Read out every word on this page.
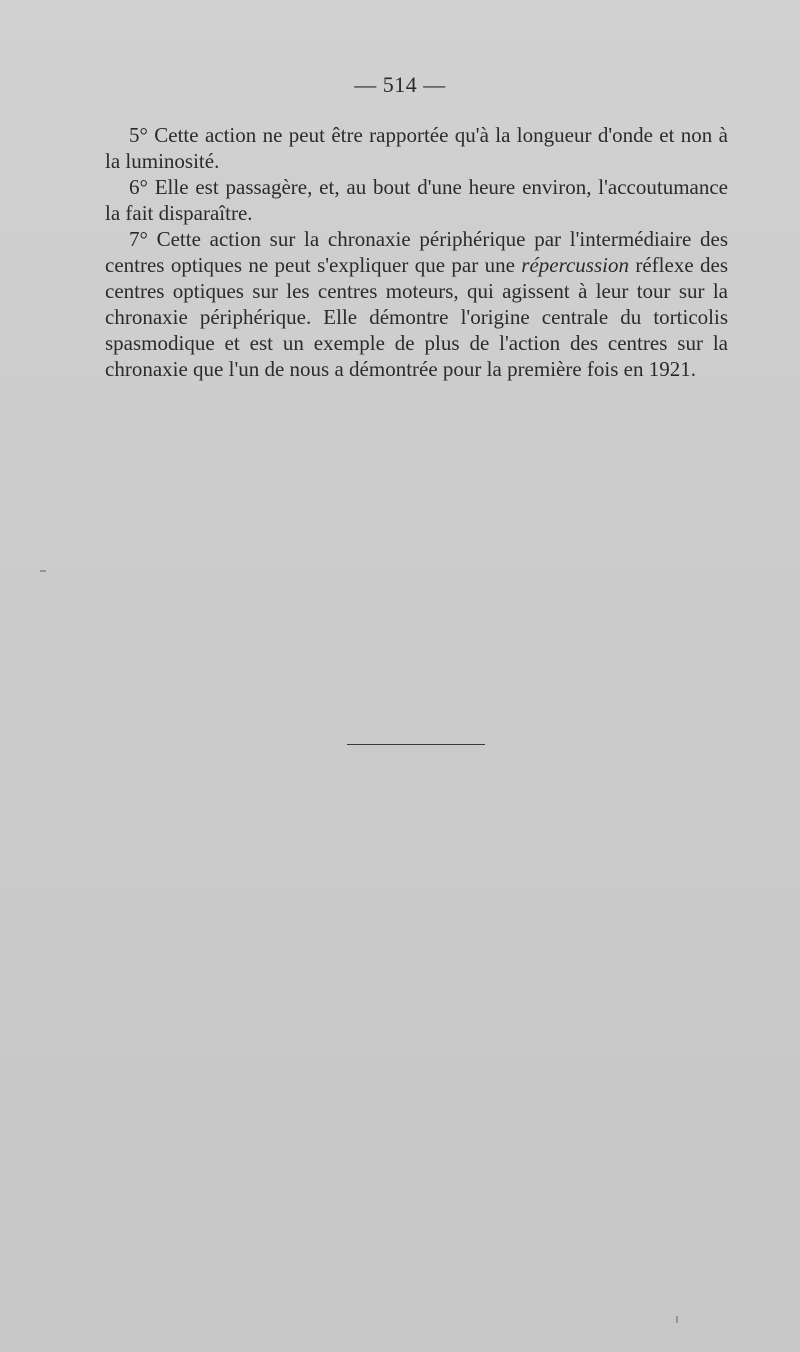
— 514 —

5° Cette action ne peut être rapportée qu'à la longueur d'onde et non à la luminosité.

6° Elle est passagère, et, au bout d'une heure environ, l'accoutumance la fait disparaître.

7° Cette action sur la chronaxie périphérique par l'intermédiaire des centres optiques ne peut s'expliquer que par une répercussion réflexe des centres optiques sur les centres moteurs, qui agissent à leur tour sur la chronaxie périphérique. Elle démontre l'origine centrale du torticolis spasmodique et est un exemple de plus de l'action des centres sur la chronaxie que l'un de nous a démontrée pour la première fois en 1921.
